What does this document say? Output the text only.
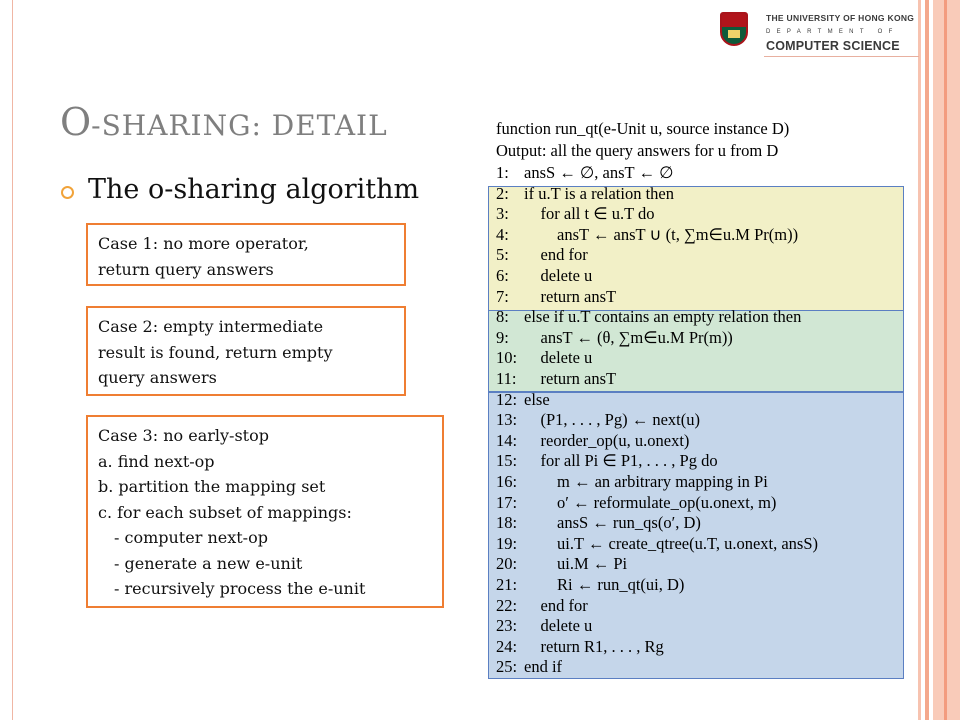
THE UNIVERSITY OF HONG KONG
DEPARTMENT OF
COMPUTER SCIENCE
O-SHARING: DETAIL
The o-sharing algorithm
Case 1: no more operator,
return query answers
Case 2: empty intermediate
result is found, return empty
query answers
Case 3: no early-stop
a. find next-op
b. partition the mapping set
c. for each subset of mappings:
- computer next-op
- generate a new e-unit
- recursively process the e-unit
function run_qt(e-Unit u, source instance D)
Output: all the query answers for u from D
1: ansS ← ∅, ansT ← ∅
2: if u.T is a relation then
3:    for all t ∈ u.T do
4:        ansT ← ansT ∪ (t, ∑m∈u.M Pr(m))
5:    end for
6:    delete u
7:    return ansT
8: else if u.T contains an empty relation then
9:    ansT ← (θ, ∑m∈u.M Pr(m))
10:    delete u
11:    return ansT
12: else
13:    (P1, . . . , Pg) ← next(u)
14:    reorder_op(u, u.onext)
15:    for all Pi ∈ P1, . . . , Pg do
16:        m ← an arbitrary mapping in Pi
17:        o′ ← reformulate_op(u.onext, m)
18:        ansS ← run_qs(o′, D)
19:        ui.T ← create_qtree(u.T, u.onext, ansS)
20:        ui.M ← Pi
21:        Ri ← run_qt(ui, D)
22:    end for
23:    delete u
24:    return R1, . . . , Rg
25: end if
